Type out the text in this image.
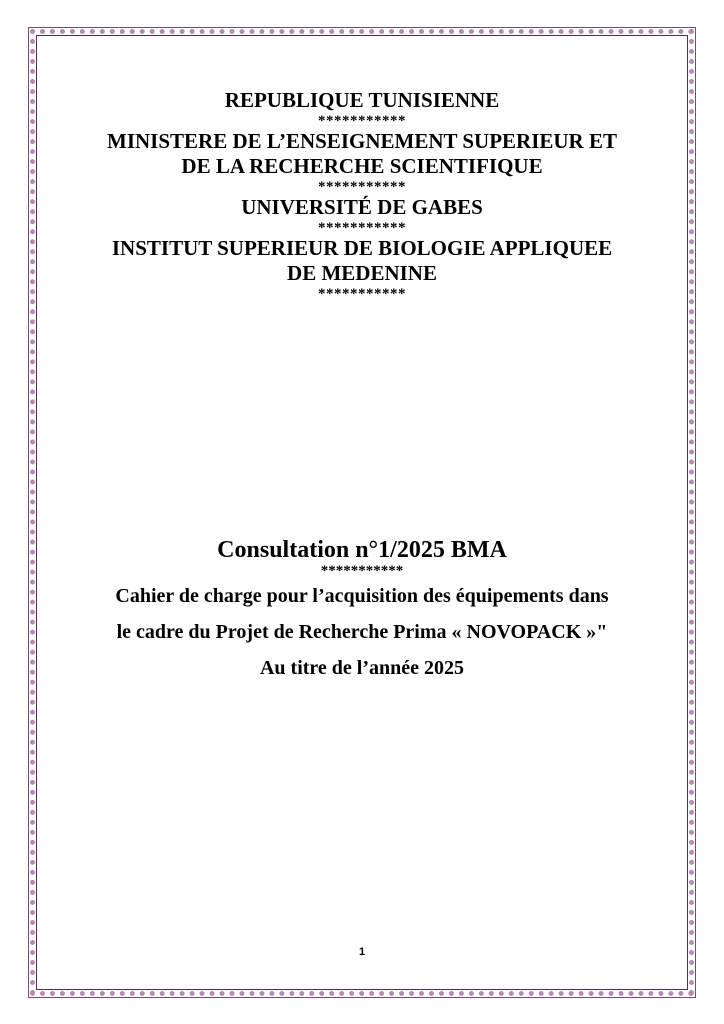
REPUBLIQUE TUNISIENNE
***********
MINISTERE DE L’ENSEIGNEMENT SUPERIEUR ET
DE LA RECHERCHE SCIENTIFIQUE
***********
UNIVERSITÉ DE GABES
***********
INSTITUT SUPERIEUR DE BIOLOGIE APPLIQUEE
DE MEDENINE
***********
Consultation n°1/2025 BMA
***********
Cahier de charge pour l’acquisition des équipements dans
le cadre du Projet de Recherche Prima « NOVOPACK »"
Au titre de l’année 2025
1
